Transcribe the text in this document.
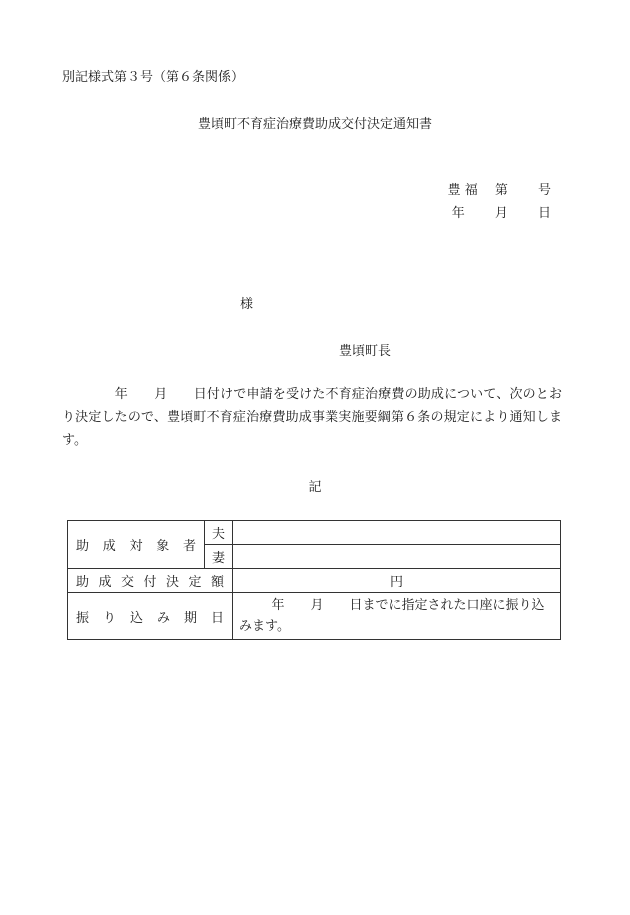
別記様式第３号（第６条関係）
豊頃町不育症治療費助成交付決定通知書
豊 福　 第　　 号
年　　 月　　 日
様
豊頃町長
　　　　年　　月　　日付けで申請を受けた不育症治療費の助成について、次のとおり決定したので、豊頃町不育症治療費助成事業実施要綱第６条の規定により通知します。
記
助成対象者	夫	
	妻	
助成交付決定額		円
振り込み期日		年　　月　　日までに指定された口座に振り込みます。
